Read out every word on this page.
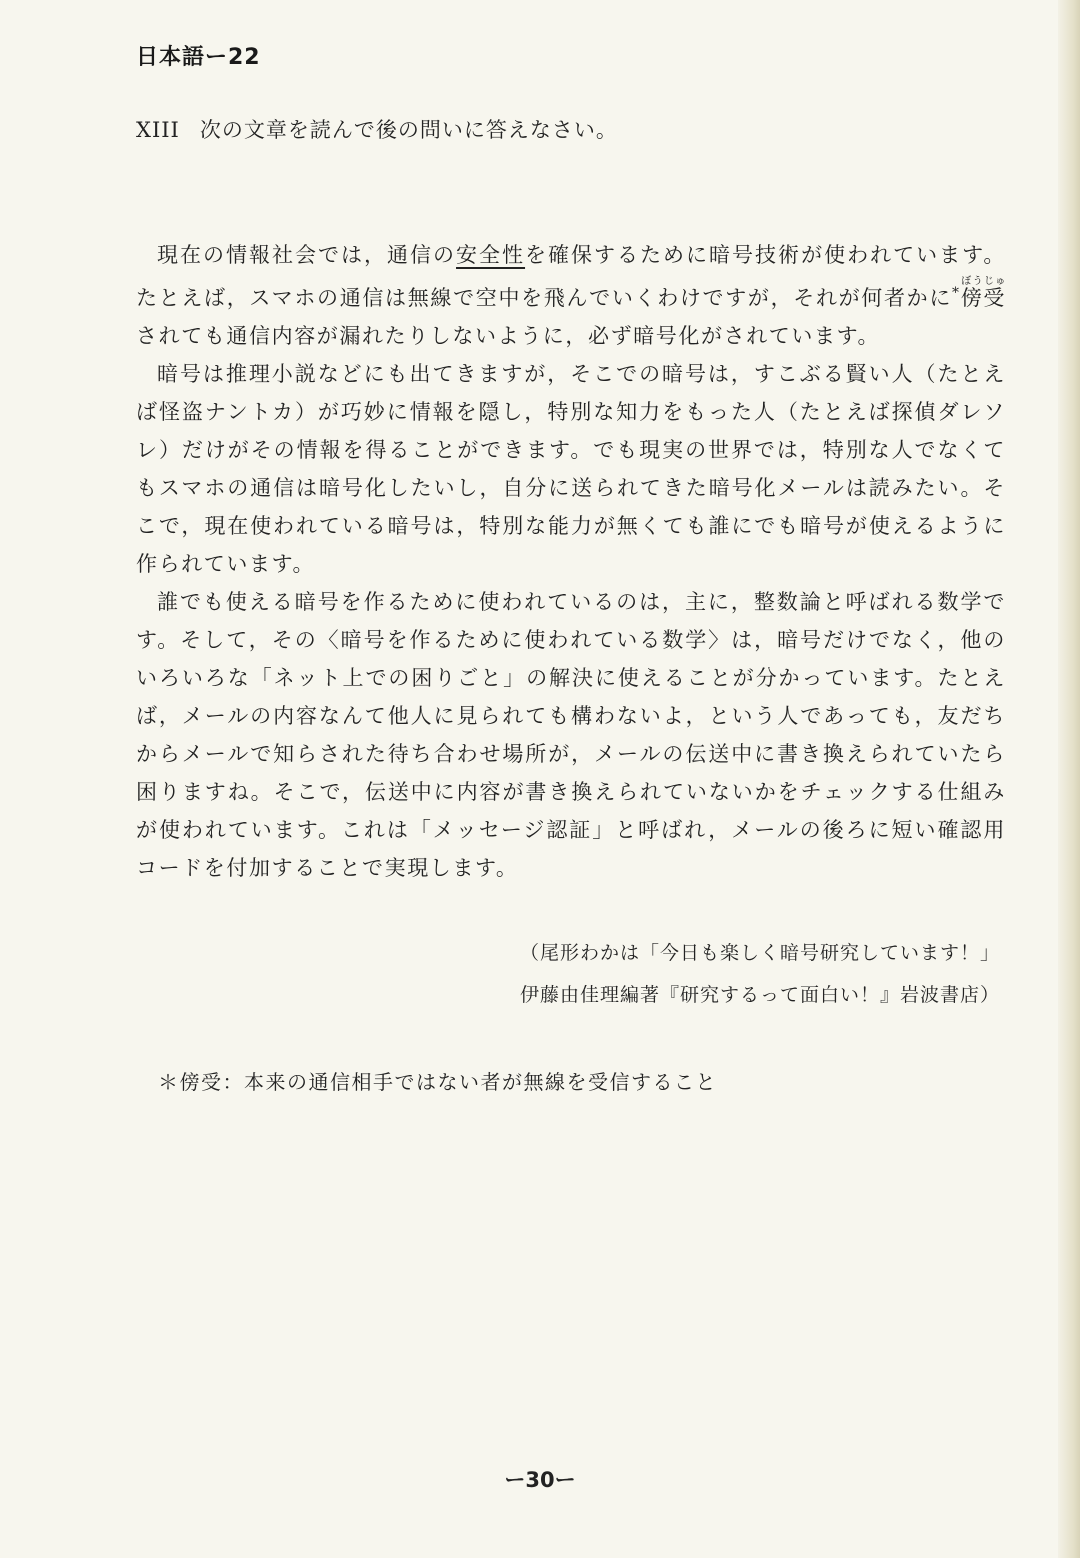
日本語ー22
XIII 次の文章を読んで後の問いに答えなさい。

現在の情報社会では，通信の安全性を確保するために暗号技術が使われています。たとえば，スマホの通信は無線で空中を飛んでいくわけですが，それが何者かに*傍受ぼうじゅされても通信内容が漏れたりしないように，必ず暗号化がされています。

暗号は推理小説などにも出てきますが，そこでの暗号は，すこぶる賢い人（たとえば怪盗ナントカ）が巧妙に情報を隠し，特別な知力をもった人（たとえば探偵ダレソレ）だけがその情報を得ることができます。でも現実の世界では，特別な人でなくてもスマホの通信は暗号化したいし，自分に送られてきた暗号化メールは読みたい。そこで，現在使われている暗号は，特別な能力が無くても誰にでも暗号が使えるように作られています。

誰でも使える暗号を作るために使われているのは，主に，整数論と呼ばれる数学です。そして，その〈暗号を作るために使われている数学〉は，暗号だけでなく，他のいろいろな「ネット上での困りごと」の解決に使えることが分かっています。たとえば，メールの内容なんて他人に見られても構わないよ，という人であっても，友だちからメールで知らされた待ち合わせ場所が，メールの伝送中に書き換えられていたら困りますね。そこで，伝送中に内容が書き換えられていないかをチェックする仕組みが使われています。これは「メッセージ認証」と呼ばれ，メールの後ろに短い確認用コードを付加することで実現します。

（尾形わかは「今日も楽しく暗号研究しています！」
伊藤由佳理編著『研究するって面白い！』岩波書店）
＊傍受：本来の通信相手ではない者が無線を受信すること
ー30ー
